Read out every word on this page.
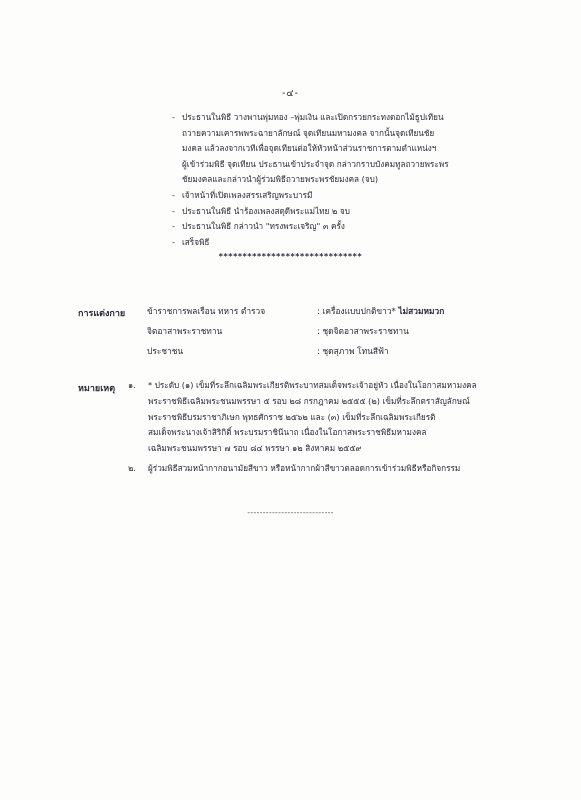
-๔-
- ประธานในพิธี วางพานพุ่มทอง –พุ่มเงิน และเปิดกรวยกระทงดอกไม้ธูปเทียน
ถวายความเคารพพระฉายาลักษณ์ จุดเทียนมหามงคล จากนั้นจุดเทียนชัย
มงคล แล้วลงจากเวทีเพื่อจุดเทียนต่อให้หัวหน้าส่วนราชการตามตำแหน่งฯ
ผู้เข้าร่วมพิธี จุดเทียน ประธานเข้าประจำจุด กล่าวกราบบังคมทูลถวายพระพร
ชัยมงคลและกล่าวนำผู้ร่วมพิธีถวายพระพรชัยมงคล (จบ)
- เจ้าหน้าที่เปิดเพลงสรรเสริญพระบารมี
- ประธานในพิธี นำร้องเพลงสดุดีพระแม่ไทย ๒ จบ
- ประธานในพิธี กล่าวนำ "ทรงพระเจริญ" ๓ ครั้ง
- เสร็จพิธี
******************************
การแต่งกาย	ข้าราชการพลเรือน ทหาร ตำรวจ	: เครื่องแบบปกติขาว* ไม่สวมหมวก
จิตอาสาพระราชทาน	: ชุดจิตอาสาพระราชทาน
ประชาชน	: ชุดสุภาพ โทนสีฟ้า
หมายเหตุ ๑. * ประดับ (๑) เข็มที่ระลึกเฉลิมพระเกียรติพระบาทสมเด็จพระเจ้าอยู่หัว เนื่องในโอกาสมหามงคล
พระราชพิธีเฉลิมพระชนมพรรษา ๕ รอบ ๒๘ กรกฎาคม ๒๕๕๕ (๒) เข็มที่ระลึกตราสัญลักษณ์
พระราชพิธีบรมราชาภิเษก พุทธศักราช ๒๕๖๒ และ (๓) เข็มที่ระลึกเฉลิมพระเกียรติ
สมเด็จพระนางเจ้าสิริกิติ์ พระบรมราชินีนาถ เนื่องในโอกาสพระราชพิธีมหามงคล
เฉลิมพระชนมพรรษา ๗ รอบ ๘๔ พรรษา ๑๒ สิงหาคม ๒๕๕๙
๒. ผู้ร่วมพิธีสวมหน้ากากอนามัยสีขาว หรือหน้ากากผ้าสีขาวตลอดการเข้าร่วมพิธีหรือกิจกรรม
----------------------------
